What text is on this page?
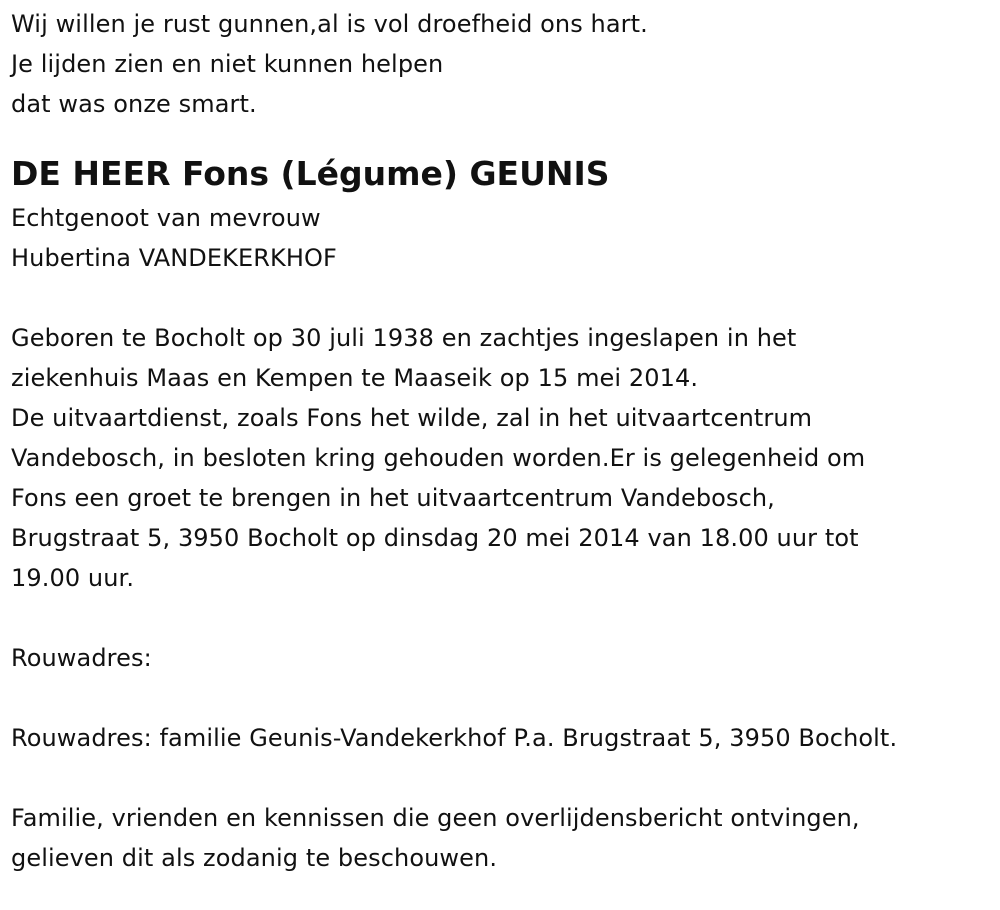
Wij willen je rust gunnen,al is vol droefheid ons hart.
Je lijden zien en niet kunnen helpen
dat was onze smart.
DE HEER Fons (Légume) GEUNIS
Echtgenoot van mevrouw
Hubertina VANDEKERKHOF
Geboren te Bocholt op 30 juli 1938 en zachtjes ingeslapen in het
ziekenhuis Maas en Kempen te Maaseik op 15 mei 2014.
De uitvaartdienst, zoals Fons het wilde, zal in het uitvaartcentrum
Vandebosch, in besloten kring gehouden worden.Er is gelegenheid om
Fons een groet te brengen in het uitvaartcentrum Vandebosch,
Brugstraat 5, 3950 Bocholt op dinsdag 20 mei 2014 van 18.00 uur tot
19.00 uur.
Rouwadres:
Rouwadres: familie Geunis-Vandekerkhof P.a. Brugstraat 5, 3950 Bocholt.
Familie, vrienden en kennissen die geen overlijdensbericht ontvingen,
gelieven dit als zodanig te beschouwen.
